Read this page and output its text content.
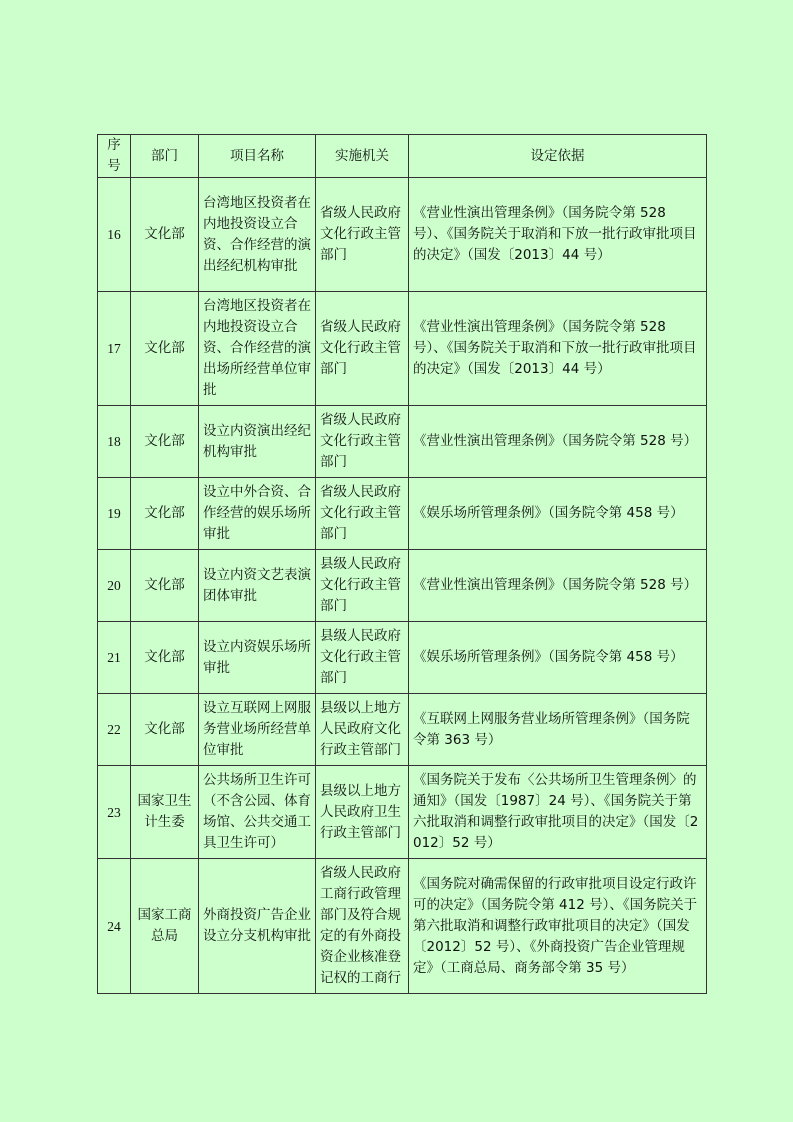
序号	部门	项目名称	实施机关	设定依据
16	文化部	台湾地区投资者在内地投资设立合资、合作经营的演出经纪机构审批	省级人民政府文化行政主管部门	《营业性演出管理条例》（国务院令第 528 号）、《国务院关于取消和下放一批行政审批项目的决定》（国发〔2013〕44 号）
17	文化部	台湾地区投资者在内地投资设立合资、合作经营的演出场所经营单位审批	省级人民政府文化行政主管部门	《营业性演出管理条例》（国务院令第 528 号）、《国务院关于取消和下放一批行政审批项目的决定》（国发〔2013〕44 号）
18	文化部	设立内资演出经纪机构审批	省级人民政府文化行政主管部门	《营业性演出管理条例》（国务院令第 528 号）
19	文化部	设立中外合资、合作经营的娱乐场所审批	省级人民政府文化行政主管部门	《娱乐场所管理条例》（国务院令第 458 号）
20	文化部	设立内资文艺表演团体审批	县级人民政府文化行政主管部门	《营业性演出管理条例》（国务院令第 528 号）
21	文化部	设立内资娱乐场所审批	县级人民政府文化行政主管部门	《娱乐场所管理条例》（国务院令第 458 号）
22	文化部	设立互联网上网服务营业场所经营单位审批	县级以上地方人民政府文化行政主管部门	《互联网上网服务营业场所管理条例》（国务院令第 363 号）
23	国家卫生计生委	公共场所卫生许可（不含公园、体育场馆、公共交通工具卫生许可）	县级以上地方人民政府卫生行政主管部门	《国务院关于发布〈公共场所卫生管理条例〉的通知》（国发〔1987〕24 号）、《国务院关于第六批取消和调整行政审批项目的决定》（国发〔2012〕52 号）
24	国家工商总局	外商投资广告企业设立分支机构审批	省级人民政府工商行政管理部门及符合规定的有外商投资企业核准登记权的工商行	《国务院对确需保留的行政审批项目设定行政许可的决定》（国务院令第 412 号）、《国务院关于第六批取消和调整行政审批项目的决定》（国发〔2012〕52 号）、《外商投资广告企业管理规定》（工商总局、商务部令第 35 号）
